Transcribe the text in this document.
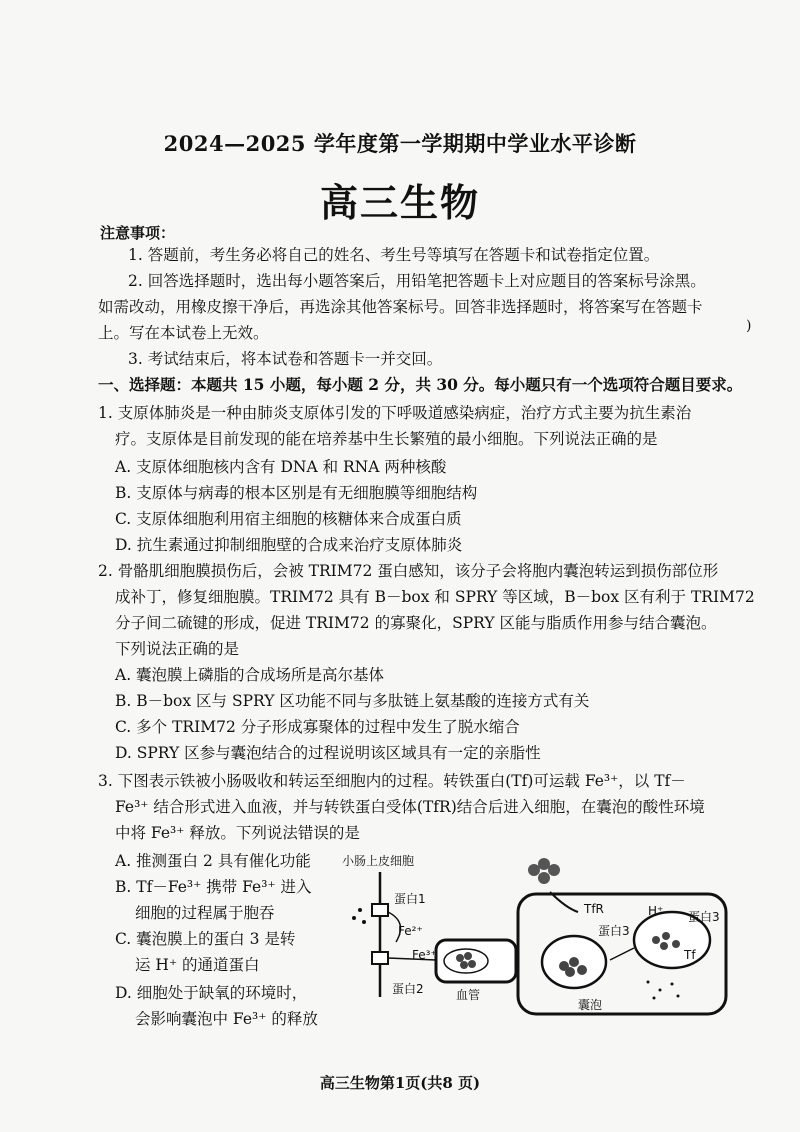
2024—2025 学年度第一学期期中学业水平诊断
高三生物
注意事项：
1. 答题前，考生务必将自己的姓名、考生号等填写在答题卡和试卷指定位置。
2. 回答选择题时，选出每小题答案后，用铅笔把答题卡上对应题目的答案标号涂黑。
如需改动，用橡皮擦干净后，再选涂其他答案标号。回答非选择题时，将答案写在答题卡
上。写在本试卷上无效。	)
3. 考试结束后，将本试卷和答题卡一并交回。
一、选择题：本题共 15 小题，每小题 2 分，共 30 分。每小题只有一个选项符合题目要求。
1. 支原体肺炎是一种由肺炎支原体引发的下呼吸道感染病症，治疗方式主要为抗生素治
疗。支原体是目前发现的能在培养基中生长繁殖的最小细胞。下列说法正确的是
A. 支原体细胞核内含有 DNA 和 RNA 两种核酸
B. 支原体与病毒的根本区别是有无细胞膜等细胞结构
C. 支原体细胞利用宿主细胞的核糖体来合成蛋白质
D. 抗生素通过抑制细胞壁的合成来治疗支原体肺炎
2. 骨骼肌细胞膜损伤后，会被 TRIM72 蛋白感知，该分子会将胞内囊泡转运到损伤部位形
成补丁，修复细胞膜。TRIM72 具有 B－box 和 SPRY 等区域，B－box 区有利于 TRIM72
分子间二硫键的形成，促进 TRIM72 的寡聚化，SPRY 区能与脂质作用参与结合囊泡。
下列说法正确的是
A. 囊泡膜上磷脂的合成场所是高尔基体
B. B－box 区与 SPRY 区功能不同与多肽链上氨基酸的连接方式有关
C. 多个 TRIM72 分子形成寡聚体的过程中发生了脱水缩合
D. SPRY 区参与囊泡结合的过程说明该区域具有一定的亲脂性
3. 下图表示铁被小肠吸收和转运至细胞内的过程。转铁蛋白(Tf)可运载 Fe³⁺，以 Tf－
Fe³⁺ 结合形式进入血液，并与转铁蛋白受体(TfR)结合后进入细胞，在囊泡的酸性环境
中将 Fe³⁺ 释放。下列说法错误的是
A. 推测蛋白 2 具有催化功能
B. Tf－Fe³⁺ 携带 Fe³⁺ 进入
细胞的过程属于胞吞
C. 囊泡膜上的蛋白 3 是转
运 H⁺ 的通道蛋白
D. 细胞处于缺氧的环境时，
会影响囊泡中 Fe³⁺ 的释放
小肠上皮细胞
蛋白1
Fe²⁺
Fe³⁺
蛋白2	血管
TfR
蛋白3
囊泡
H⁺ 蛋白3
Tf
高三生物第1页(共8 页)
